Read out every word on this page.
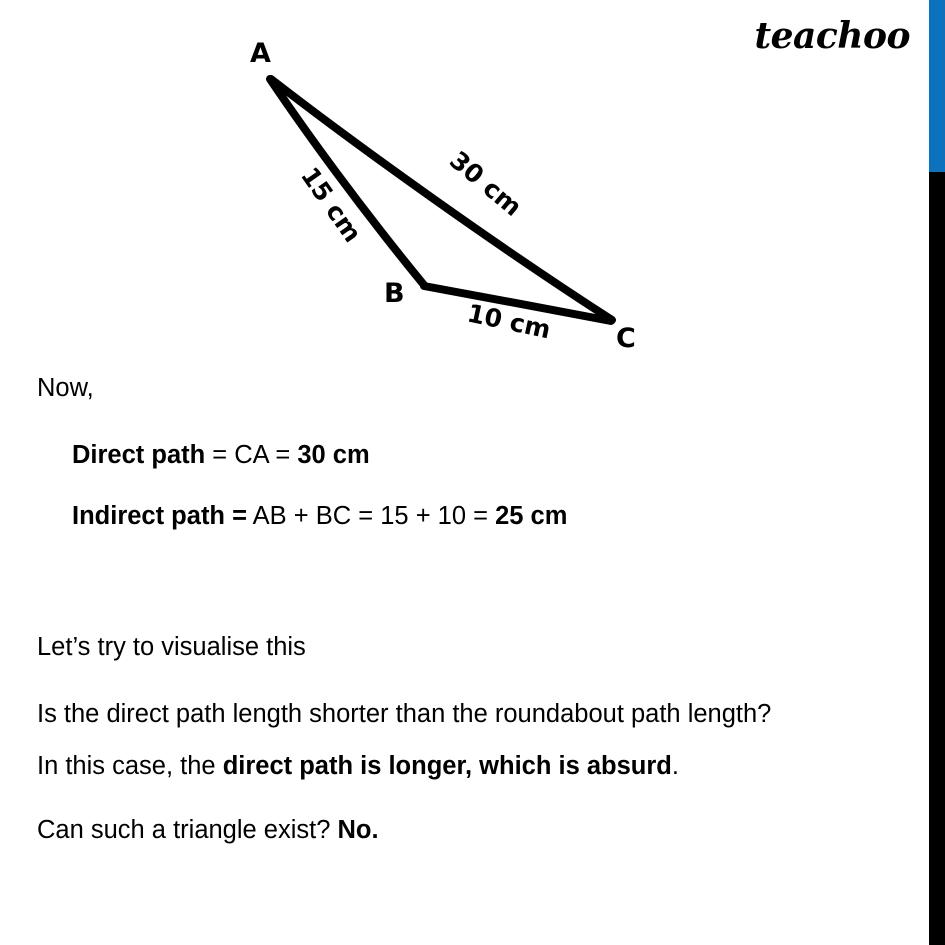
teachoo
A
B
C
15 cm	30 cm
10 cm
Now,
Direct path = CA = 30 cm
Indirect path = AB + BC = 15 + 10 = 25 cm
Let’s try to visualise this
Is the direct path length shorter than the roundabout path length?
In this case, the direct path is longer, which is absurd.
Can such a triangle exist? No.
